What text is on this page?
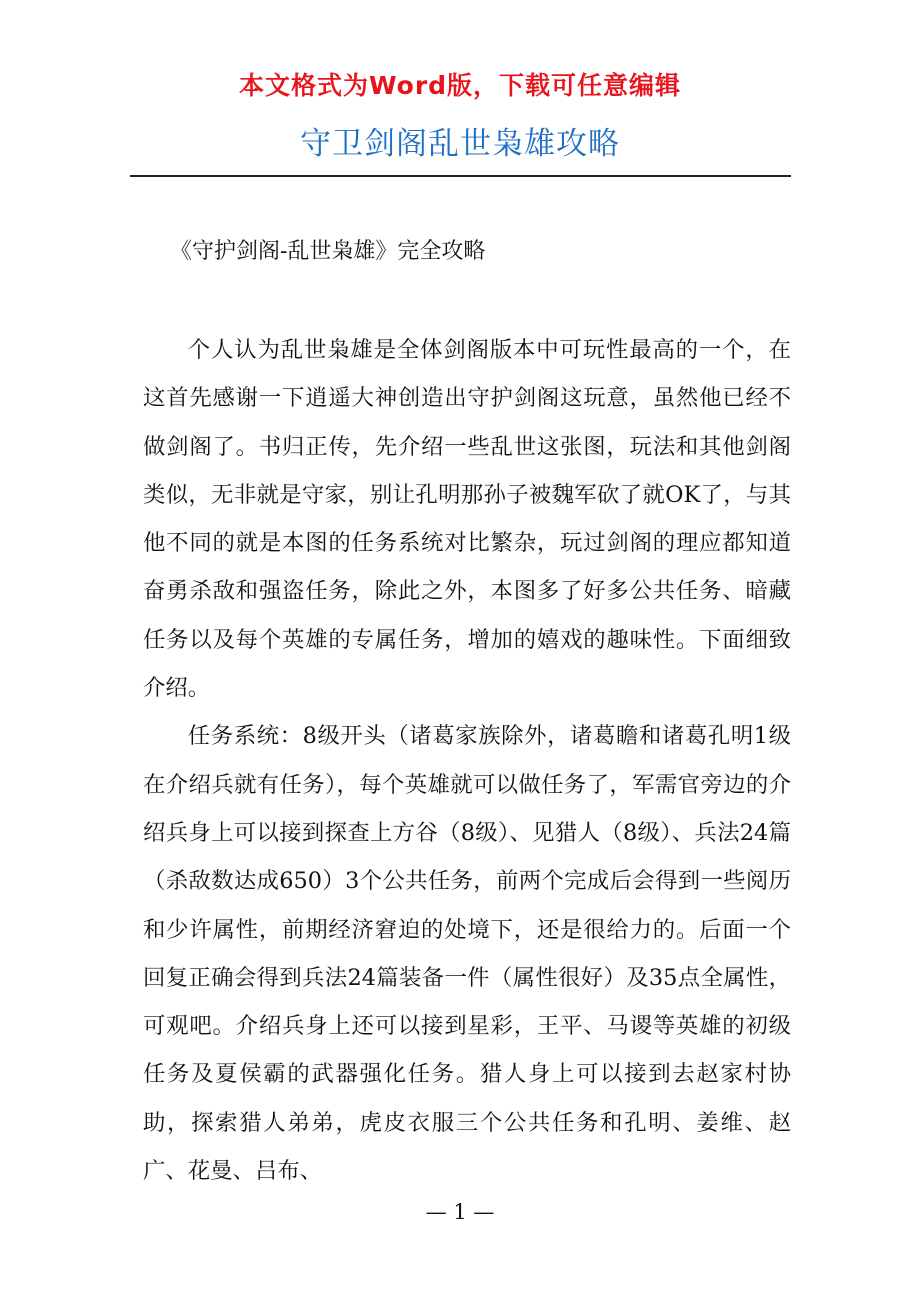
本文格式为Word版，下载可任意编辑
守卫剑阁乱世枭雄攻略
《守护剑阁-乱世枭雄》完全攻略

个人认为乱世枭雄是全体剑阁版本中可玩性最高的一个，在这首先感谢一下逍遥大神创造出守护剑阁这玩意，虽然他已经不做剑阁了。书归正传，先介绍一些乱世这张图，玩法和其他剑阁类似，无非就是守家，别让孔明那孙子被魏军砍了就OK了，与其他不同的就是本图的任务系统对比繁杂，玩过剑阁的理应都知道奋勇杀敌和强盗任务，除此之外，本图多了好多公共任务、暗藏任务以及每个英雄的专属任务，增加的嬉戏的趣味性。下面细致介绍。

任务系统：8级开头（诸葛家族除外，诸葛瞻和诸葛孔明1级在介绍兵就有任务），每个英雄就可以做任务了，军需官旁边的介绍兵身上可以接到探查上方谷（8级）、见猎人（8级）、兵法24篇（杀敌数达成650）3个公共任务，前两个完成后会得到一些阅历和少许属性，前期经济窘迫的处境下，还是很给力的。后面一个回复正确会得到兵法24篇装备一件（属性很好）及35点全属性，可观吧。介绍兵身上还可以接到星彩，王平、马谡等英雄的初级任务及夏侯霸的武器强化任务。猎人身上可以接到去赵家村协助，探索猎人弟弟，虎皮衣服三个公共任务和孔明、姜维、赵广、花曼、吕布、

— 1 —
